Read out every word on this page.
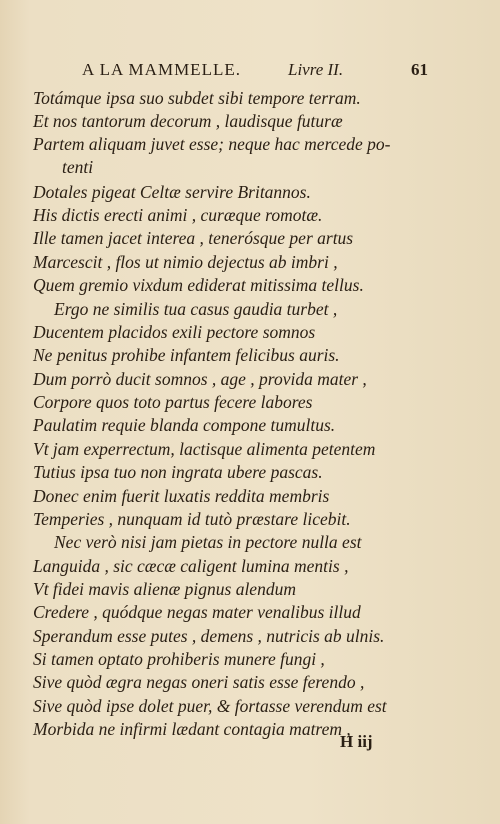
A LA MAMMELLE.	Livre II.	61
Totámque ipsa suo subdet sibi tempore terram.
Et nos tantorum decorum , laudisque futuræ
Partem aliquam juvet esse; neque hac mercede po-
tenti
Dotales pigeat Celtæ servire Britannos.
His dictis erecti animi , curæque romotæ.
Ille tamen jacet interea , tenerósque per artus
Marcescit , flos ut nimio dejectus ab imbri ,
Quem gremio vixdum ediderat mitissima tellus.
Ergo ne similis tua casus gaudia turbet ,
Ducentem placidos exili pectore somnos
Ne penitus prohibe infantem felicibus auris.
Dum porrò ducit somnos , age , provida mater ,
Corpore quos toto partus fecere labores
Paulatim requie blanda compone tumultus.
Vt jam experrectum, lactisque alimenta petentem
Tutius ipsa tuo non ingrata ubere pascas.
Donec enim fuerit luxatis reddita membris
Temperies , nunquam id tutò præstare licebit.
Nec verò nisi jam pietas in pectore nulla est
Languida , sic cæcæ caligent lumina mentis ,
Vt fidei mavis alienæ pignus alendum
Credere , quódque negas mater venalibus illud
Sperandum esse putes , demens , nutricis ab ulnis.
Si tamen optato prohiberis munere fungi ,
Sive quòd ægra negas oneri satis esse ferendo ,
Sive quòd ipse dolet puer, & fortasse verendum est
Morbida ne infirmi lædant contagia matrem ,
H iij
